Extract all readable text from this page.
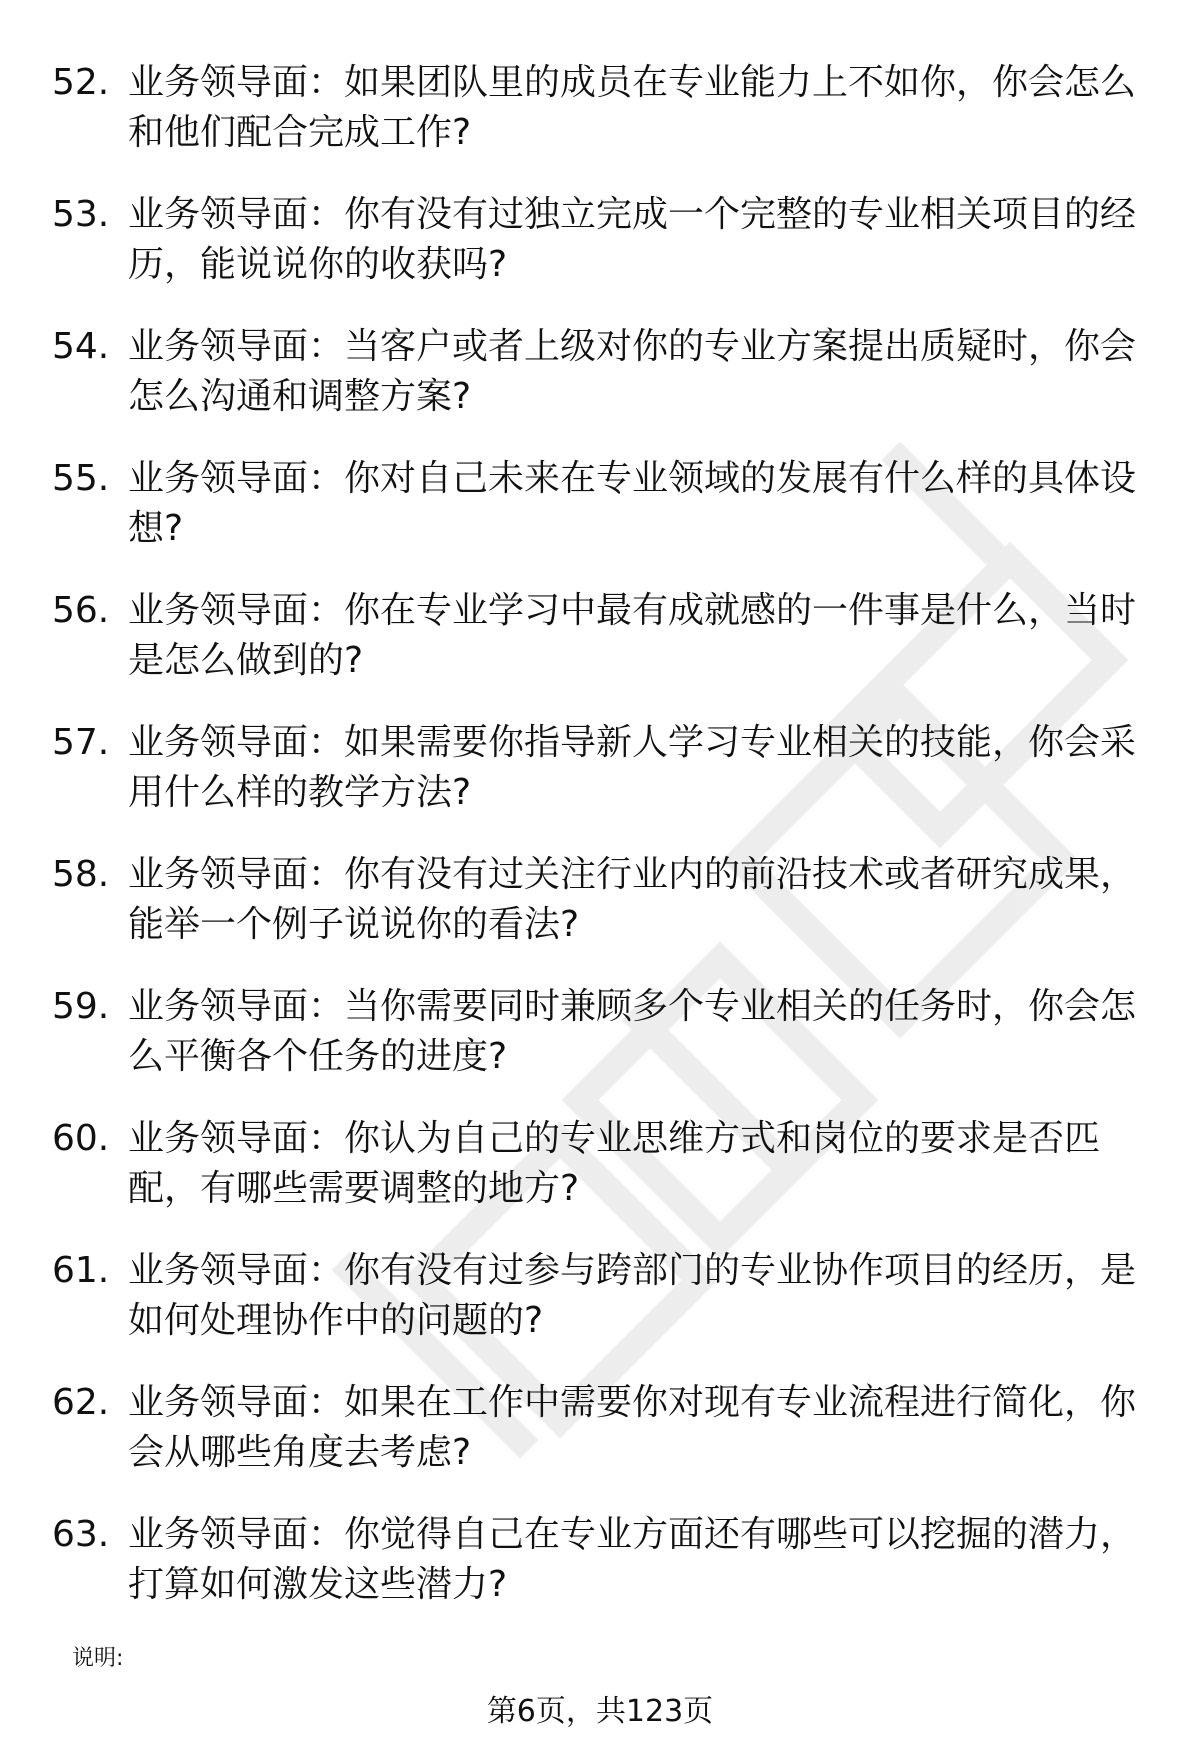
52. 业务领导面：如果团队里的成员在专业能力上不如你，你会怎么和他们配合完成工作?
53. 业务领导面：你有没有过独立完成一个完整的专业相关项目的经历，能说说你的收获吗?
54. 业务领导面：当客户或者上级对你的专业方案提出质疑时，你会怎么沟通和调整方案?
55. 业务领导面：你对自己未来在专业领域的发展有什么样的具体设想?
56. 业务领导面：你在专业学习中最有成就感的一件事是什么，当时是怎么做到的?
57. 业务领导面：如果需要你指导新人学习专业相关的技能，你会采用什么样的教学方法?
58. 业务领导面：你有没有过关注行业内的前沿技术或者研究成果，能举一个例子说说你的看法?
59. 业务领导面：当你需要同时兼顾多个专业相关的任务时，你会怎么平衡各个任务的进度?
60. 业务领导面：你认为自己的专业思维方式和岗位的要求是否匹配，有哪些需要调整的地方?
61. 业务领导面：你有没有过参与跨部门的专业协作项目的经历，是如何处理协作中的问题的?
62. 业务领导面：如果在工作中需要你对现有专业流程进行简化，你会从哪些角度去考虑?
63. 业务领导面：你觉得自己在专业方面还有哪些可以挖掘的潜力，打算如何激发这些潜力?
说明:
第6页，共123页
